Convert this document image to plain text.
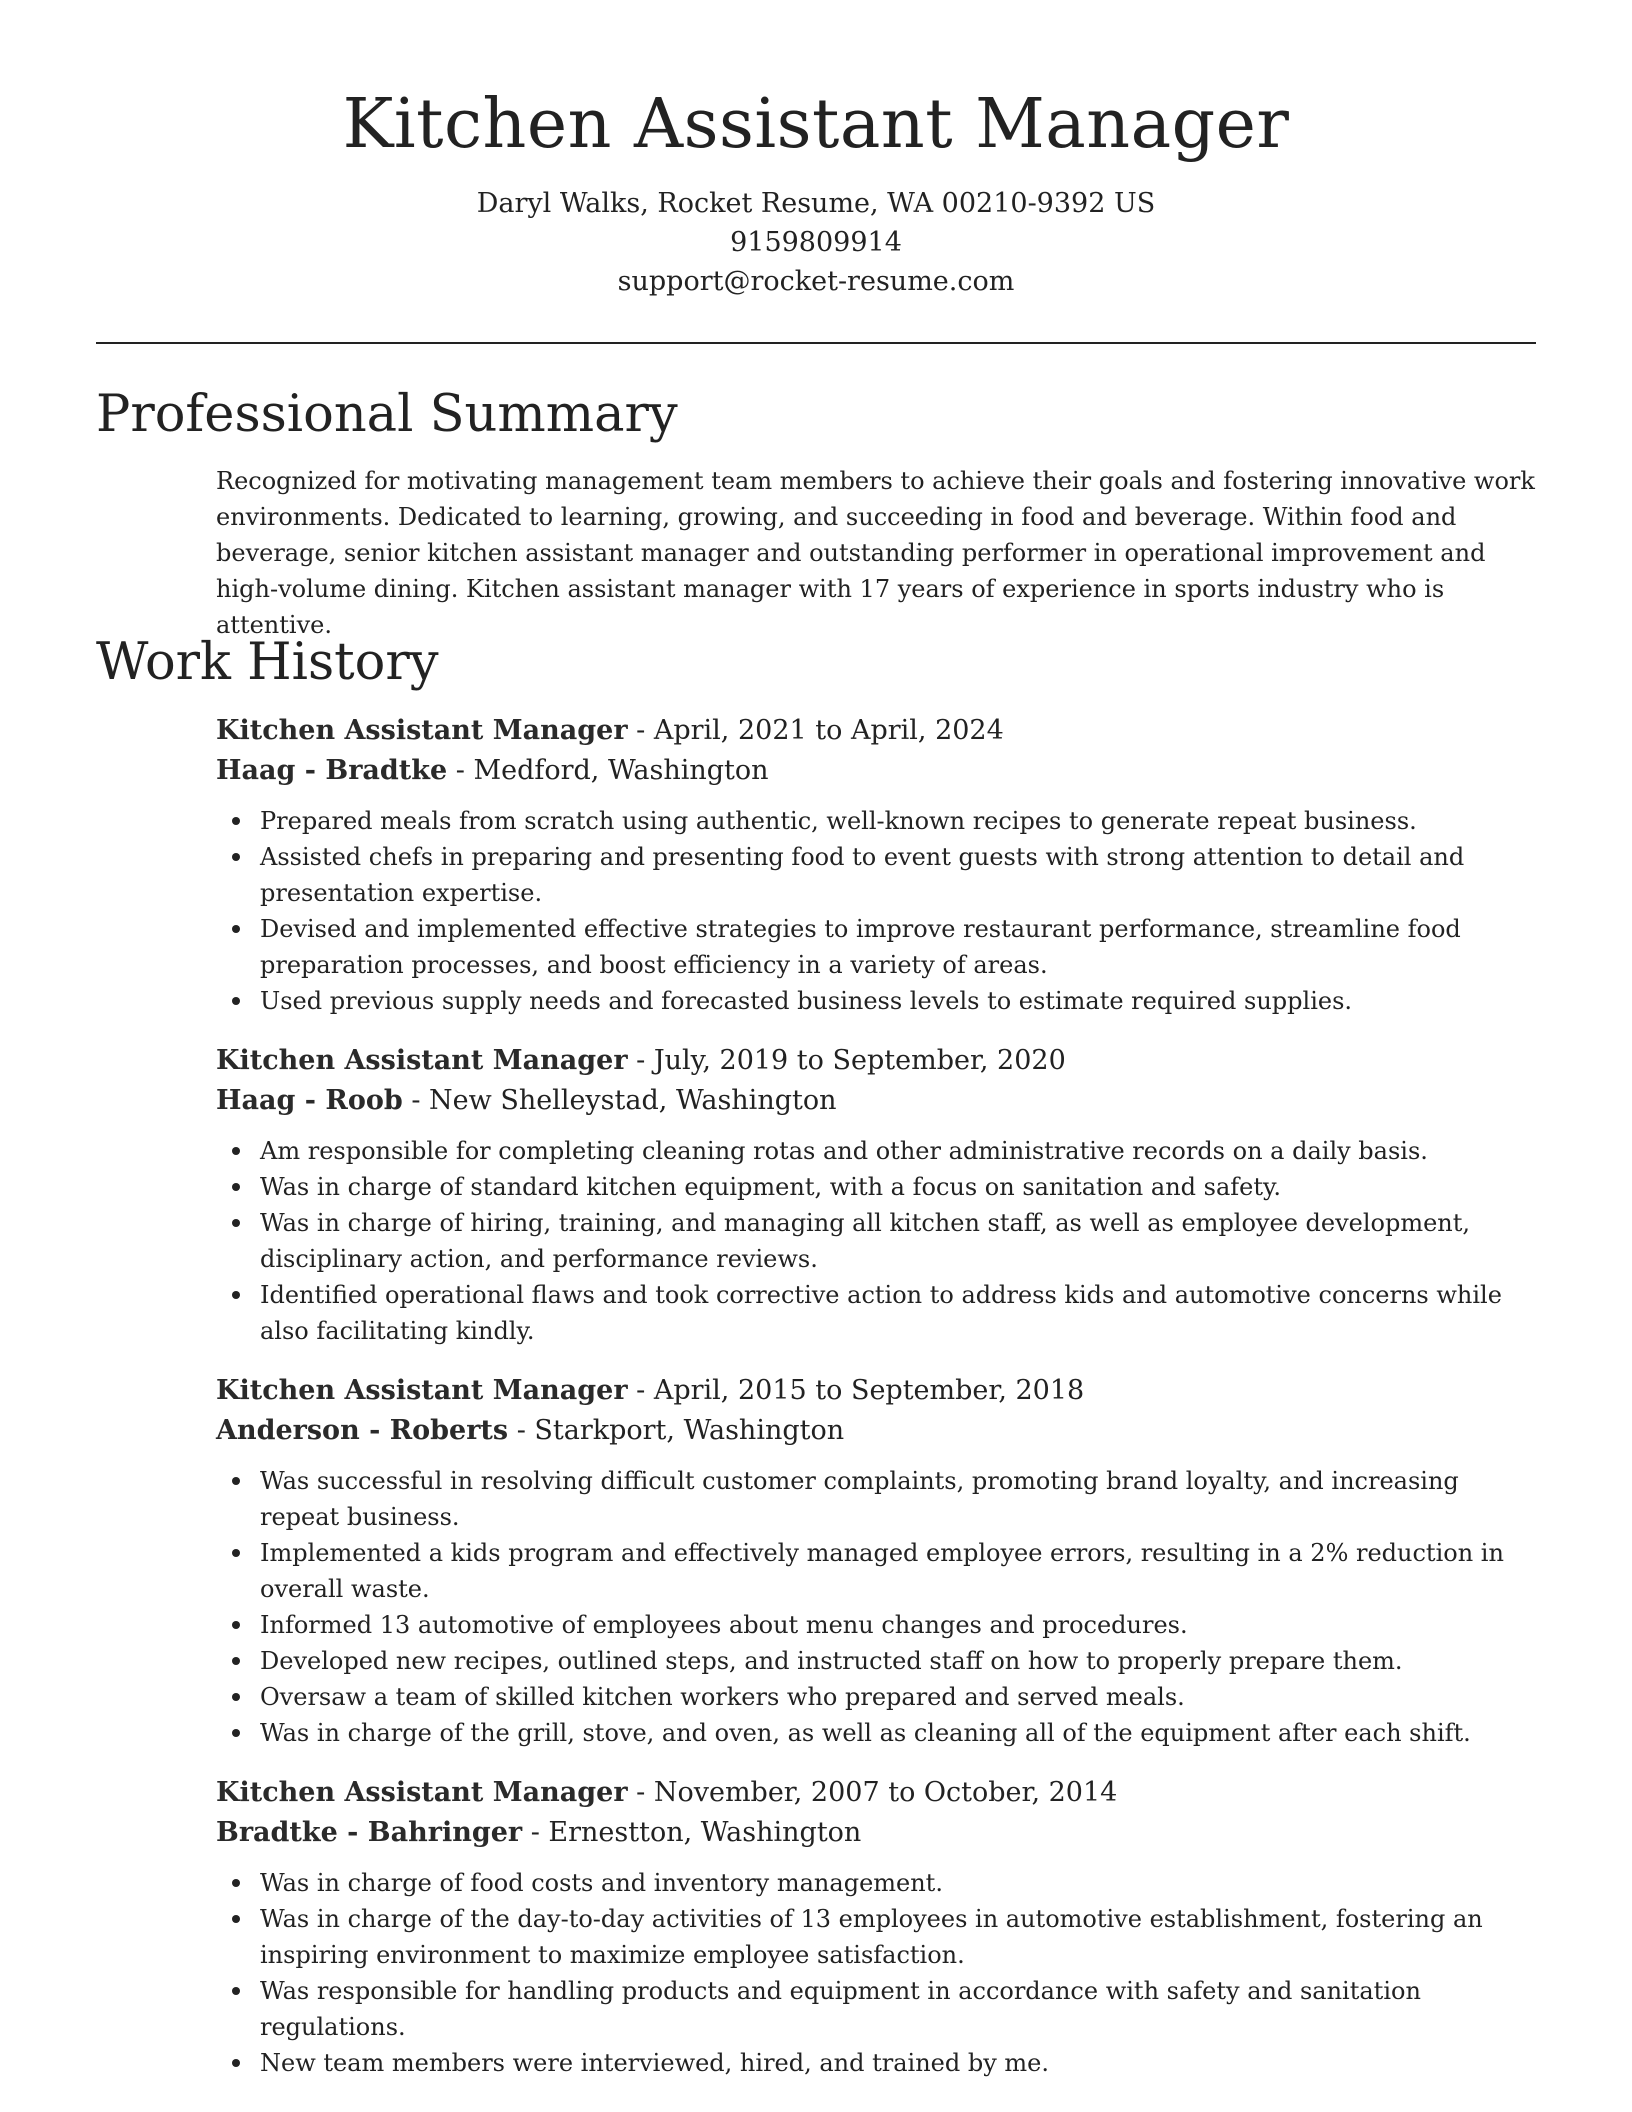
Kitchen Assistant Manager

Daryl Walks, Rocket Resume, WA 00210-9392 US

9159809914

support@rocket-resume.com

Professional Summary

Recognized for motivating management team members to achieve their goals and fostering innovative work environments. Dedicated to learning, growing, and succeeding in food and beverage. Within food and beverage, senior kitchen assistant manager and outstanding performer in operational improvement and high-volume dining. Kitchen assistant manager with 17 years of experience in sports industry who is attentive.

Work History

Kitchen Assistant Manager - April, 2021 to April, 2024

Haag - Bradtke - Medford, Washington

Prepared meals from scratch using authentic, well-known recipes to generate repeat business.
Assisted chefs in preparing and presenting food to event guests with strong attention to detail and presentation expertise.
Devised and implemented effective strategies to improve restaurant performance, streamline food preparation processes, and boost efficiency in a variety of areas.
Used previous supply needs and forecasted business levels to estimate required supplies.

Kitchen Assistant Manager - July, 2019 to September, 2020

Haag - Roob - New Shelleystad, Washington

Am responsible for completing cleaning rotas and other administrative records on a daily basis.
Was in charge of standard kitchen equipment, with a focus on sanitation and safety.
Was in charge of hiring, training, and managing all kitchen staff, as well as employee development, disciplinary action, and performance reviews.
Identified operational flaws and took corrective action to address kids and automotive concerns while also facilitating kindly.

Kitchen Assistant Manager - April, 2015 to September, 2018

Anderson - Roberts - Starkport, Washington

Was successful in resolving difficult customer complaints, promoting brand loyalty, and increasing repeat business.
Implemented a kids program and effectively managed employee errors, resulting in a 2% reduction in overall waste.
Informed 13 automotive of employees about menu changes and procedures.
Developed new recipes, outlined steps, and instructed staff on how to properly prepare them.
Oversaw a team of skilled kitchen workers who prepared and served meals.
Was in charge of the grill, stove, and oven, as well as cleaning all of the equipment after each shift.

Kitchen Assistant Manager - November, 2007 to October, 2014

Bradtke - Bahringer - Ernestton, Washington

Was in charge of food costs and inventory management.
Was in charge of the day-to-day activities of 13 employees in automotive establishment, fostering an inspiring environment to maximize employee satisfaction.
Was responsible for handling products and equipment in accordance with safety and sanitation regulations.
New team members were interviewed, hired, and trained by me.
